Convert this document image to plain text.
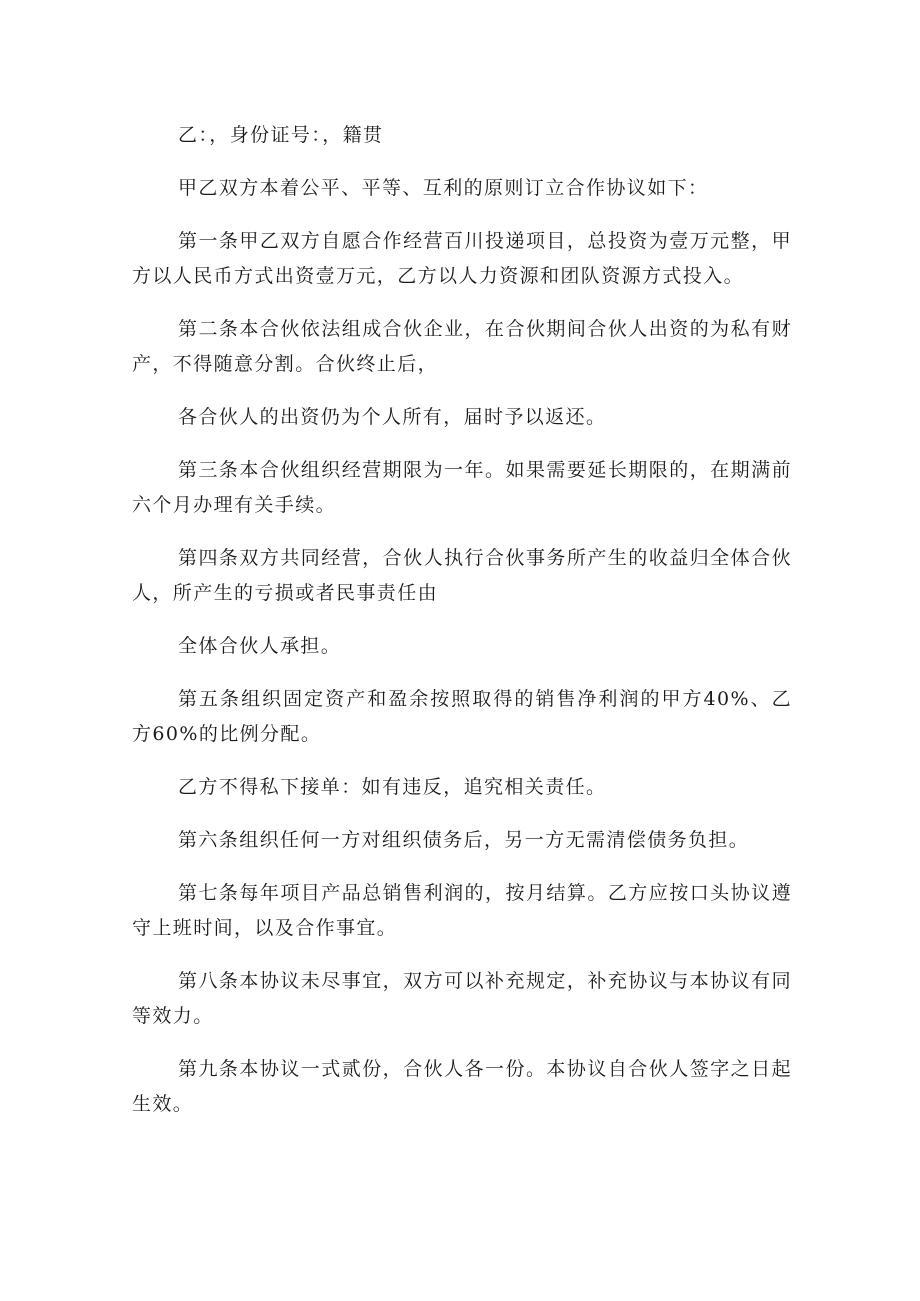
乙：，身份证号：，籍贯

甲乙双方本着公平、平等、互利的原则订立合作协议如下：

第一条甲乙双方自愿合作经营百川投递项目，总投资为壹万元整，甲方以人民币方式出资壹万元，乙方以人力资源和团队资源方式投入。

第二条本合伙依法组成合伙企业，在合伙期间合伙人出资的为私有财产，不得随意分割。合伙终止后，

各合伙人的出资仍为个人所有，届时予以返还。

第三条本合伙组织经营期限为一年。如果需要延长期限的，在期满前六个月办理有关手续。

第四条双方共同经营，合伙人执行合伙事务所产生的收益归全体合伙人，所产生的亏损或者民事责任由

全体合伙人承担。

第五条组织固定资产和盈余按照取得的销售净利润的甲方40%、乙方60%的比例分配。

乙方不得私下接单：如有违反，追究相关责任。

第六条组织任何一方对组织债务后，另一方无需清偿债务负担。

第七条每年项目产品总销售利润的，按月结算。乙方应按口头协议遵守上班时间，以及合作事宜。

第八条本协议未尽事宜，双方可以补充规定，补充协议与本协议有同等效力。

第九条本协议一式贰份，合伙人各一份。本协议自合伙人签字之日起生效。
